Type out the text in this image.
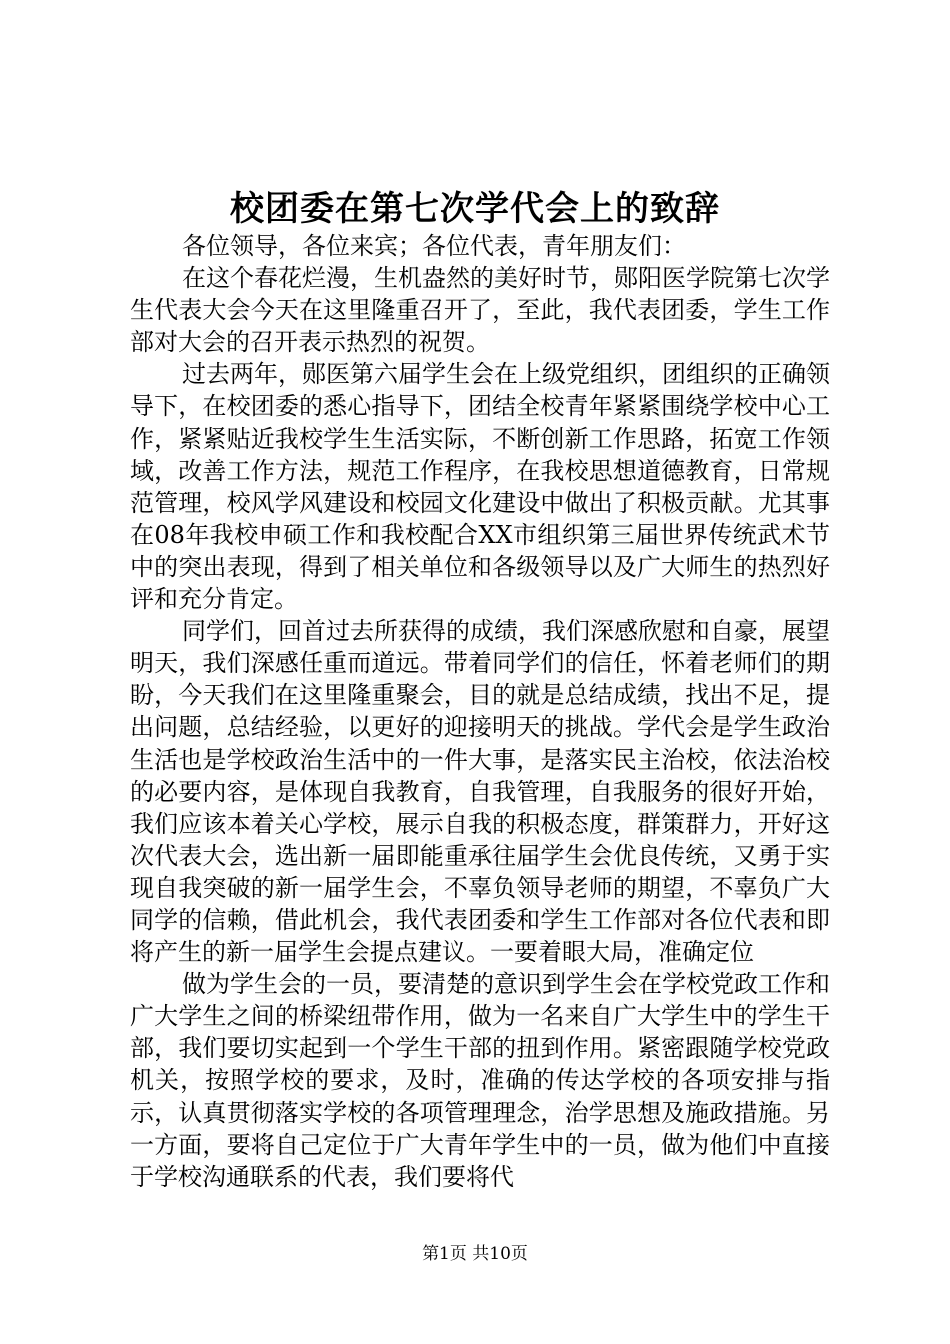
校团委在第七次学代会上的致辞

各位领导，各位来宾；各位代表，青年朋友们：

在这个春花烂漫，生机盎然的美好时节，郧阳医学院第七次学生代表大会今天在这里隆重召开了，至此，我代表团委，学生工作部对大会的召开表示热烈的祝贺。

过去两年，郧医第六届学生会在上级党组织，团组织的正确领导下，在校团委的悉心指导下，团结全校青年紧紧围绕学校中心工作，紧紧贴近我校学生生活实际，不断创新工作思路，拓宽工作领域，改善工作方法，规范工作程序，在我校思想道德教育，日常规范管理，校风学风建设和校园文化建设中做出了积极贡献。尤其事在08年我校申硕工作和我校配合XX市组织第三届世界传统武术节中的突出表现，得到了相关单位和各级领导以及广大师生的热烈好评和充分肯定。

同学们，回首过去所获得的成绩，我们深感欣慰和自豪，展望明天，我们深感任重而道远。带着同学们的信任，怀着老师们的期盼，今天我们在这里隆重聚会，目的就是总结成绩，找出不足，提出问题，总结经验，以更好的迎接明天的挑战。学代会是学生政治生活也是学校政治生活中的一件大事，是落实民主治校，依法治校的必要内容，是体现自我教育，自我管理，自我服务的很好开始，我们应该本着关心学校，展示自我的积极态度，群策群力，开好这次代表大会，选出新一届即能重承往届学生会优良传统，又勇于实现自我突破的新一届学生会，不辜负领导老师的期望，不辜负广大同学的信赖，借此机会，我代表团委和学生工作部对各位代表和即将产生的新一届学生会提点建议。一要着眼大局，准确定位

做为学生会的一员，要清楚的意识到学生会在学校党政工作和广大学生之间的桥梁纽带作用，做为一名来自广大学生中的学生干部，我们要切实起到一个学生干部的扭到作用。紧密跟随学校党政机关，按照学校的要求，及时，准确的传达学校的各项安排与指示，认真贯彻落实学校的各项管理理念，治学思想及施政措施。另一方面，要将自己定位于广大青年学生中的一员，做为他们中直接于学校沟通联系的代表，我们要将代

第1页 共10页
